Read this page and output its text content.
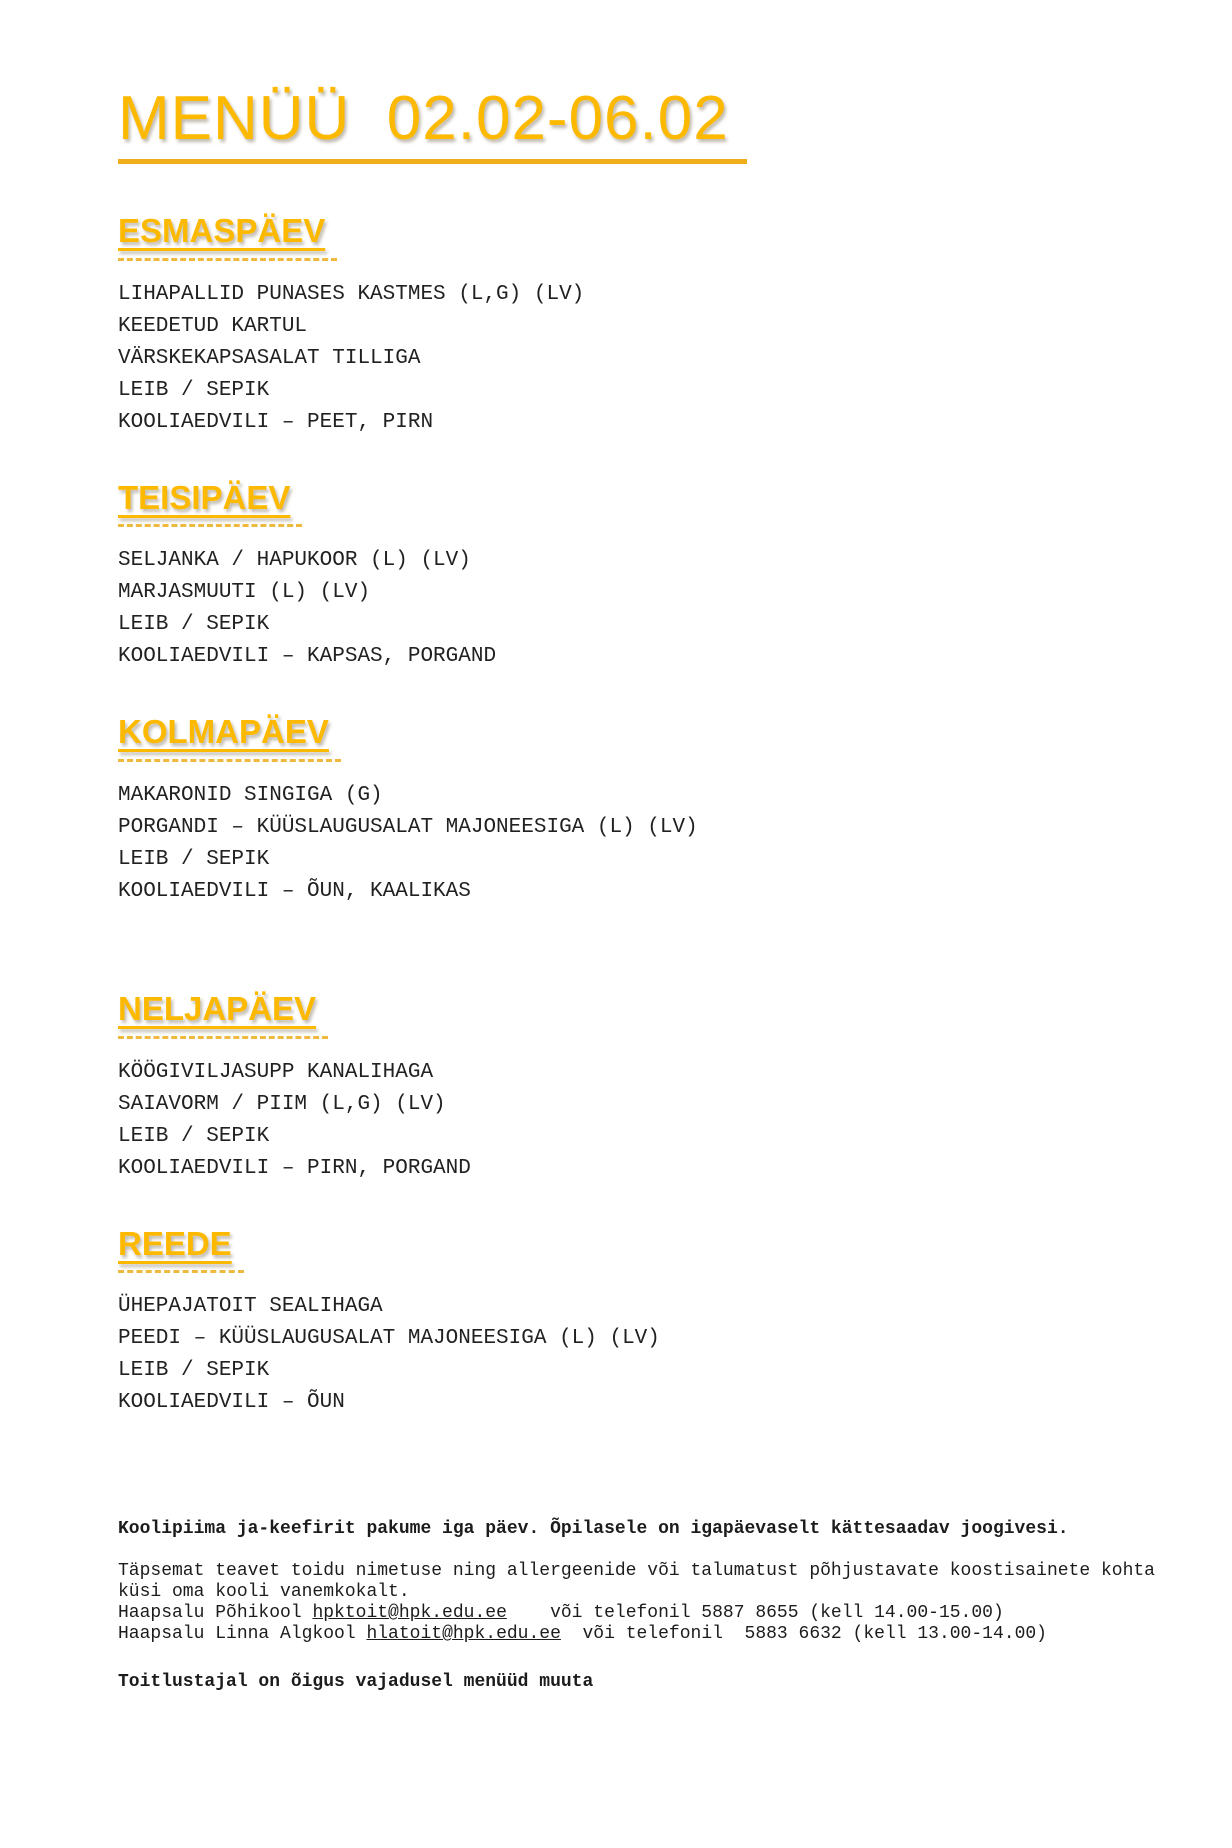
MENÜÜ  02.02-06.02
ESMASPÄEV
LIHAPALLID PUNASES KASTMES (L,G) (LV)
KEEDETUD KARTUL
VÄRSKEKAPSASALAT TILLIGA
LEIB / SEPIK
KOOLIAEDVILI – PEET, PIRN
TEISIPÄEV
SELJANKA / HAPUKOOR (L) (LV)
MARJASMUUTI (L) (LV)
LEIB / SEPIK
KOOLIAEDVILI – KAPSAS, PORGAND
KOLMAPÄEV
MAKARONID SINGIGA (G)
PORGANDI – KÜÜSLAUGUSALAT MAJONEESIGA (L) (LV)
LEIB / SEPIK
KOOLIAEDVILI – ÕUN, KAALIKAS
NELJAPÄEV
KÖÖGIVILJASUPP KANALIHAGA
SAIAVORM / PIIM (L,G) (LV)
LEIB / SEPIK
KOOLIAEDVILI – PIRN, PORGAND
REEDE
ÜHEPAJATOIT SEALIHAGA
PEEDI – KÜÜSLAUGUSALAT MAJONEESIGA (L) (LV)
LEIB / SEPIK
KOOLIAEDVILI – ÕUN

Koolipiima ja-keefirit pakume iga päev. Õpilasele on igapäevaselt kättesaadav joogivesi.

Täpsemat teavet toidu nimetuse ning allergeenide või talumatust põhjustavate koostisainete kohta küsi oma kooli vanemkokalt.

Haapsalu Põhikool hpktoit@hpk.edu.ee    või telefonil 5887 8655 (kell 14.00-15.00)

Haapsalu Linna Algkool hlatoit@hpk.edu.ee  või telefonil  5883 6632 (kell 13.00-14.00)

Toitlustajal on õigus vajadusel menüüd muuta
